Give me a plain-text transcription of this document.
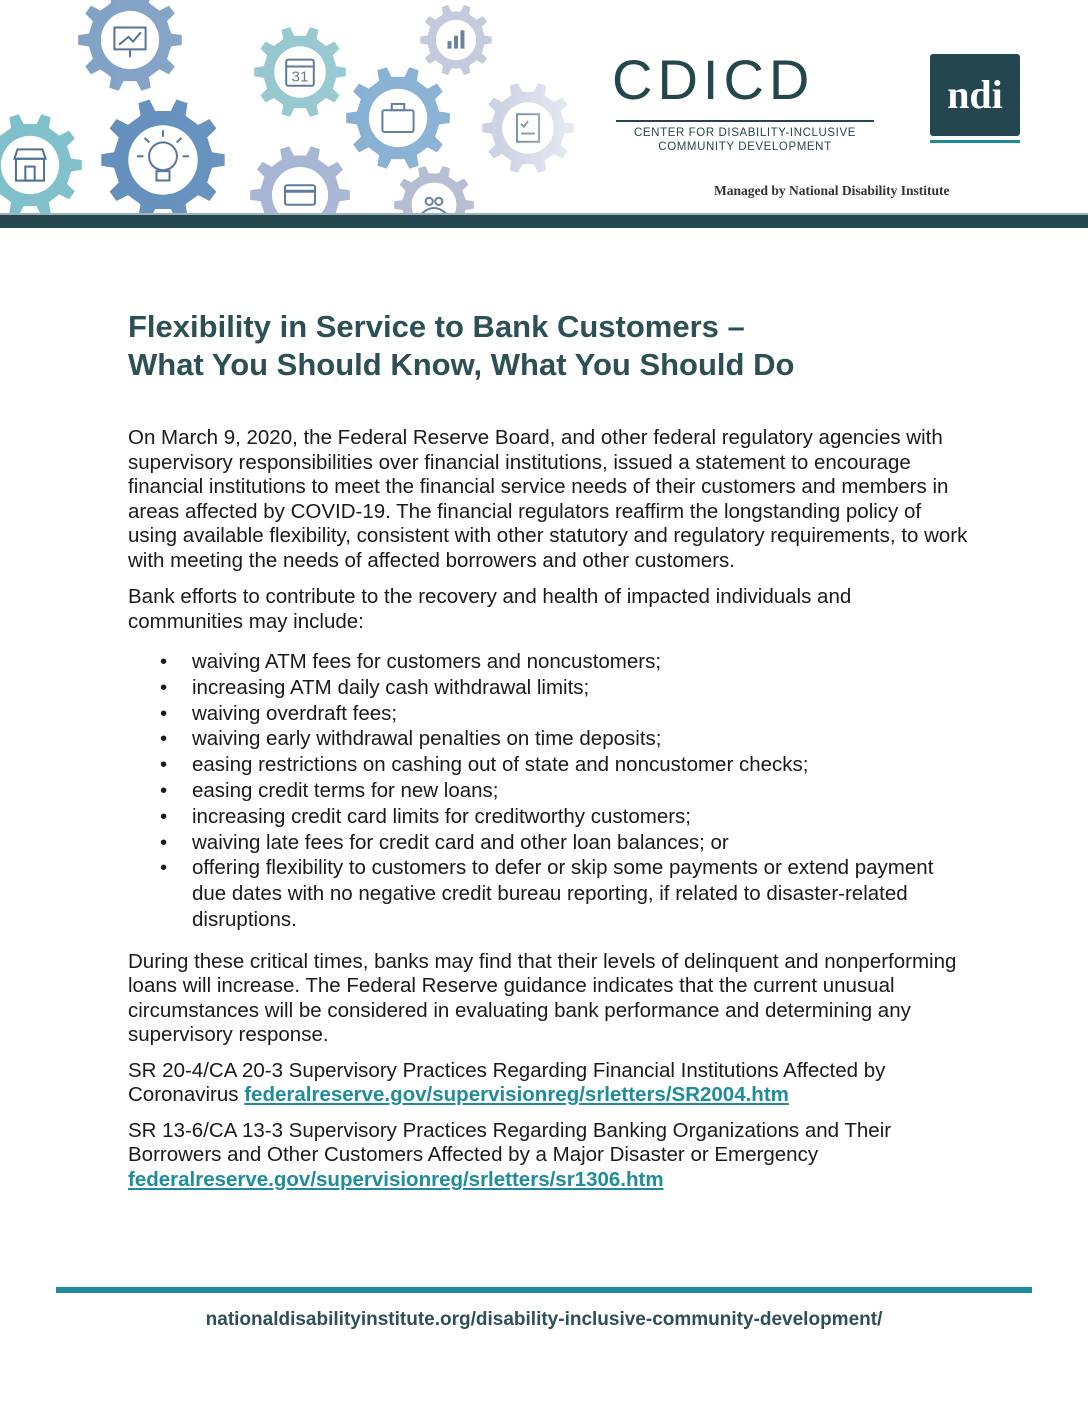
CDICD
CENTER FOR DISABILITY-INCLUSIVE
COMMUNITY DEVELOPMENT
ndi
Managed by National Disability Institute
Flexibility in Service to Bank Customers –
What You Should Know, What You Should Do

On March 9, 2020, the Federal Reserve Board, and other federal regulatory agencies with supervisory responsibilities over financial institutions, issued a statement to encourage financial institutions to meet the financial service needs of their customers and members in areas affected by COVID-19. The financial regulators reaffirm the longstanding policy of using available flexibility, consistent with other statutory and regulatory requirements, to work with meeting the needs of affected borrowers and other customers.

Bank efforts to contribute to the recovery and health of impacted individuals and communities may include:

• waiving ATM fees for customers and noncustomers;
• increasing ATM daily cash withdrawal limits;
• waiving overdraft fees;
• waiving early withdrawal penalties on time deposits;
• easing restrictions on cashing out of state and noncustomer checks;
• easing credit terms for new loans;
• increasing credit card limits for creditworthy customers;
• waiving late fees for credit card and other loan balances; or
• offering flexibility to customers to defer or skip some payments or extend payment due dates with no negative credit bureau reporting, if related to disaster-related disruptions.

During these critical times, banks may find that their levels of delinquent and nonperforming loans will increase. The Federal Reserve guidance indicates that the current unusual circumstances will be considered in evaluating bank performance and determining any supervisory response.

SR 20-4/CA 20-3 Supervisory Practices Regarding Financial Institutions Affected by Coronavirus federalreserve.gov/supervisionreg/srletters/SR2004.htm

SR 13-6/CA 13-3 Supervisory Practices Regarding Banking Organizations and Their Borrowers and Other Customers Affected by a Major Disaster or Emergency
federalreserve.gov/supervisionreg/srletters/sr1306.htm

nationaldisabilityinstitute.org/disability-inclusive-community-development/
